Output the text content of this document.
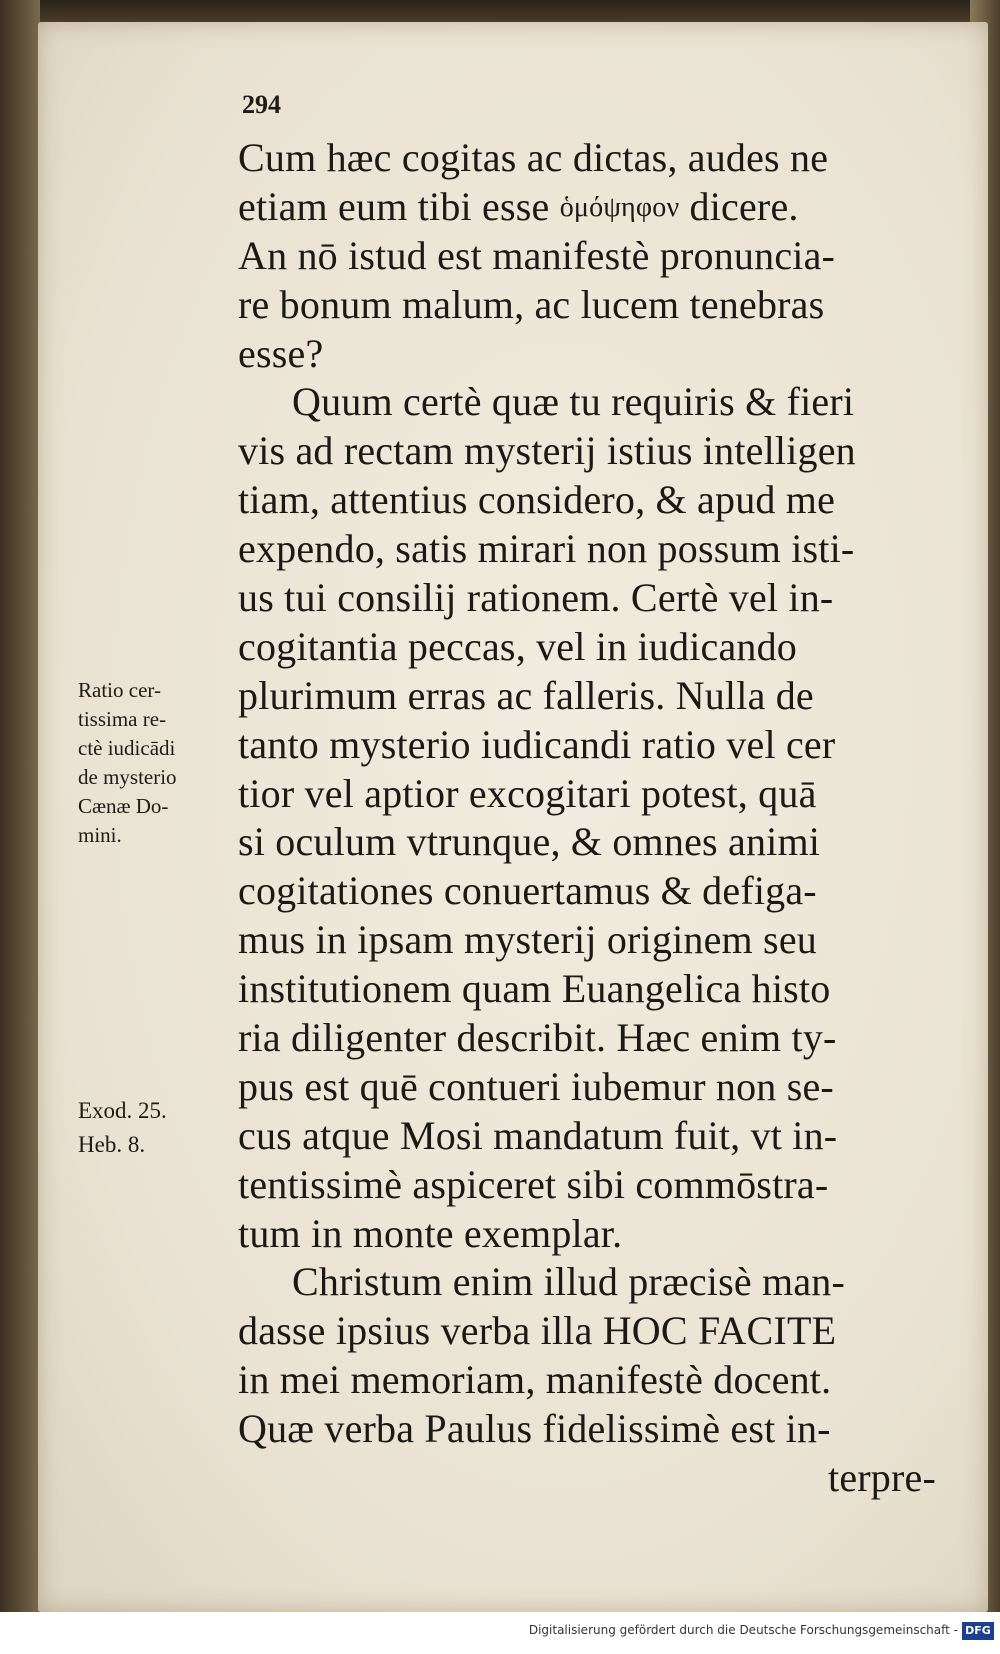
294
Cum hæc cogitas ac dictas, audes ne
etiam eum tibi esse ὁμόψηφον dicere.
An nō istud est manifestè pronuncia-
re bonum malum, ac lucem tenebras
esse?
Quum certè quæ tu requiris & fieri
vis ad rectam mysterij istius intelligen
tiam, attentius considero, & apud me
expendo, satis mirari non possum isti-
us tui consilij rationem. Certè vel in-
cogitantia peccas, vel in iudicando
plurimum erras ac falleris. Nulla de
tanto mysterio iudicandi ratio vel cer
tior vel aptior excogitari potest, quā
si oculum vtrunque, & omnes animi
cogitationes conuertamus & defiga-
mus in ipsam mysterij originem seu
institutionem quam Euangelica histo
ria diligenter describit. Hæc enim ty-
pus est quē contueri iubemur non se-
cus atque Mosi mandatum fuit, vt in-
tentissimè aspiceret sibi commōstra-
tum in monte exemplar.
Christum enim illud præcisè man-
dasse ipsius verba illa HOC FACITE
in mei memoriam, manifestè docent.
Quæ verba Paulus fidelissimè est in-
terpre-
Ratio cer-
tissima re-
ctè iudicādi
de mysterio
Cænæ Do-
mini.
Exod. 25.
Heb. 8.
Digitalisierung gefördert durch die Deutsche Forschungsgemeinschaft - DFG
